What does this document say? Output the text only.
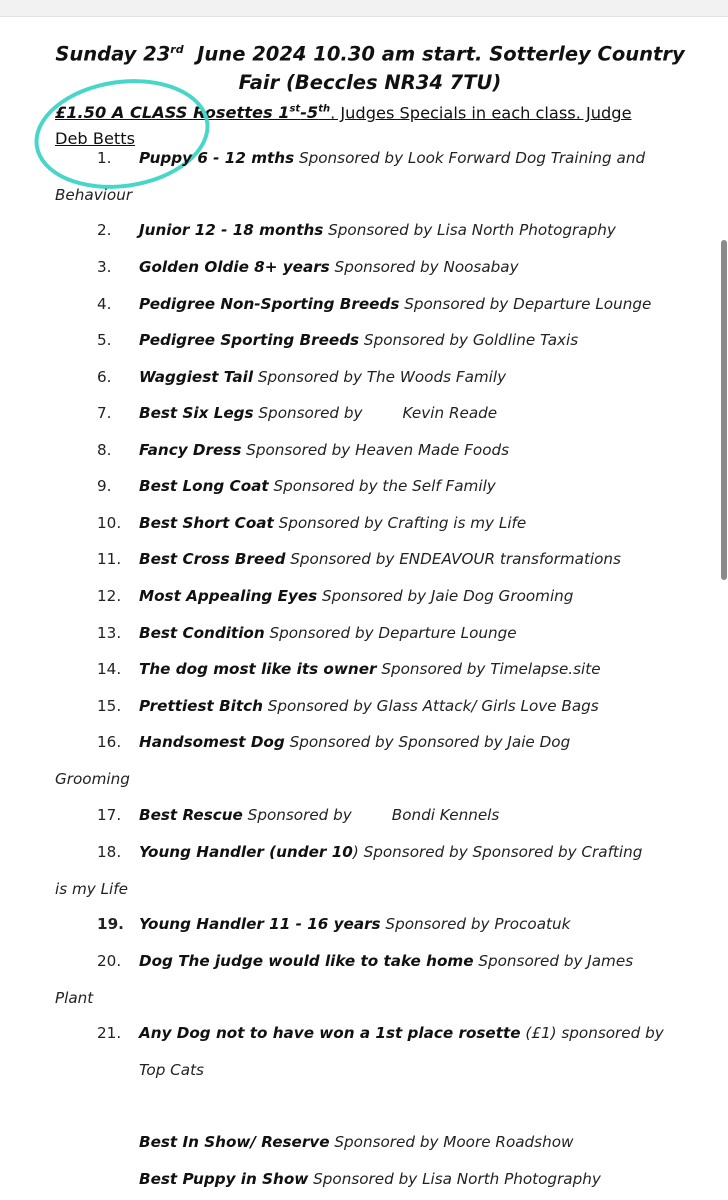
Sunday 23rd  June 2024 10.30 am start. Sotterley Country
Fair (Beccles NR34 7TU)
£1.50 A CLASS Rosettes 1st-5th. Judges Specials in each class. Judge
Deb Betts
1.	Puppy 6 - 12 mths Sponsored by Look Forward Dog Training and
Behaviour
2.	Junior 12 - 18 months Sponsored by Lisa North Photography
3.	Golden Oldie 8+ years Sponsored by Noosabay
4.	Pedigree Non-Sporting Breeds Sponsored by Departure Lounge
5.	Pedigree Sporting Breeds Sponsored by Goldline Taxis
6.	Waggiest Tail Sponsored by The Woods Family
7.	Best Six Legs Sponsored by	Kevin Reade
8.	Fancy Dress Sponsored by Heaven Made Foods
9.	Best Long Coat Sponsored by the Self Family
10.	Best Short Coat Sponsored by Crafting is my Life
11.	Best Cross Breed Sponsored by ENDEAVOUR transformations
12.	Most Appealing Eyes Sponsored by Jaie Dog Grooming
13.	Best Condition Sponsored by Departure Lounge
14.	The dog most like its owner Sponsored by Timelapse.site
15.	Prettiest Bitch Sponsored by Glass Attack/ Girls Love Bags
16.	Handsomest Dog Sponsored by Sponsored by Jaie Dog
Grooming
17.	Best Rescue Sponsored by	Bondi Kennels
18.	Young Handler (under 10) Sponsored by Sponsored by Crafting
is my Life
19. Young Handler 11 - 16 years Sponsored by Procoatuk
20.	Dog The judge would like to take home Sponsored by James
Plant
21.	Any Dog not to have won a 1st place rosette (£1) sponsored by
Top Cats
Best In Show/ Reserve Sponsored by Moore Roadshow
Best Puppy in Show Sponsored by Lisa North Photography
